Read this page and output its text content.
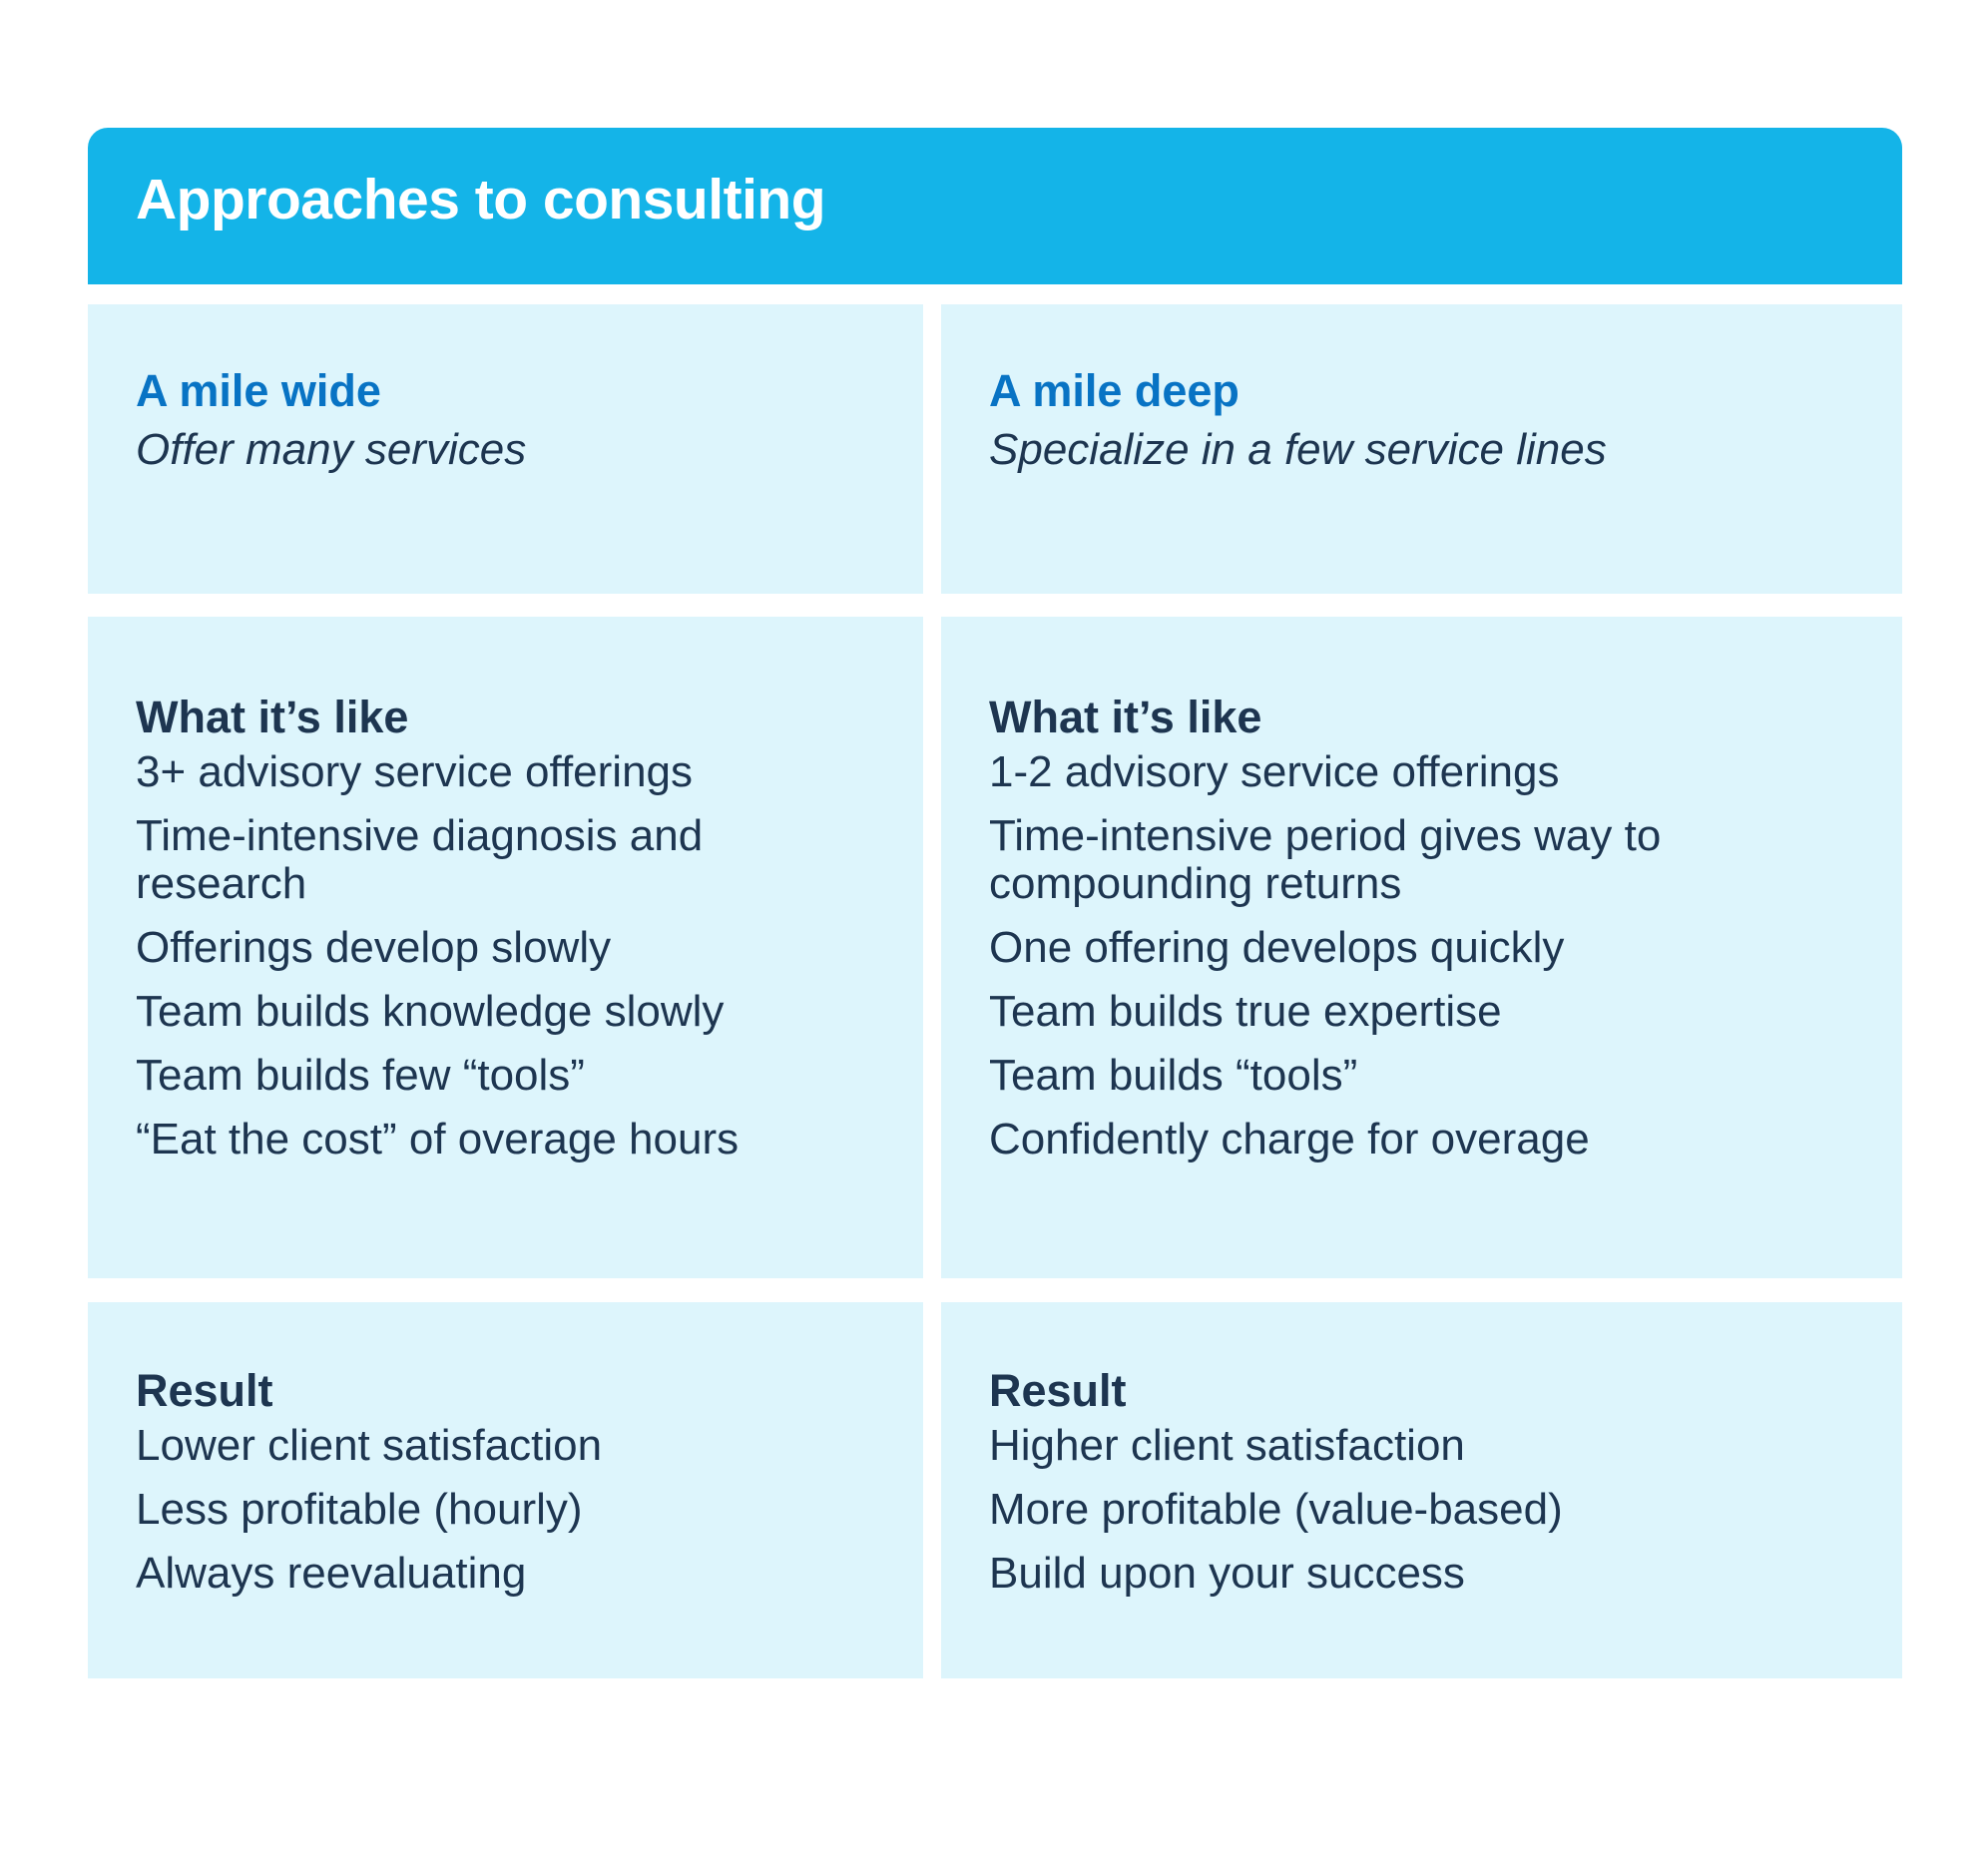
Approaches to consulting

A mile wide

Offer many services

A mile deep

Specialize in a few service lines

What it’s like

3+ advisory service offerings
Time-intensive diagnosis and research
Offerings develop slowly
Team builds knowledge slowly
Team builds few “tools”
“Eat the cost” of overage hours

What it’s like

1-2 advisory service offerings
Time-intensive period gives way to compounding returns
One offering develops quickly
Team builds true expertise
Team builds “tools”
Confidently charge for overage

Result

Lower client satisfaction
Less profitable (hourly)
Always reevaluating

Result

Higher client satisfaction
More profitable (value-based)
Build upon your success
